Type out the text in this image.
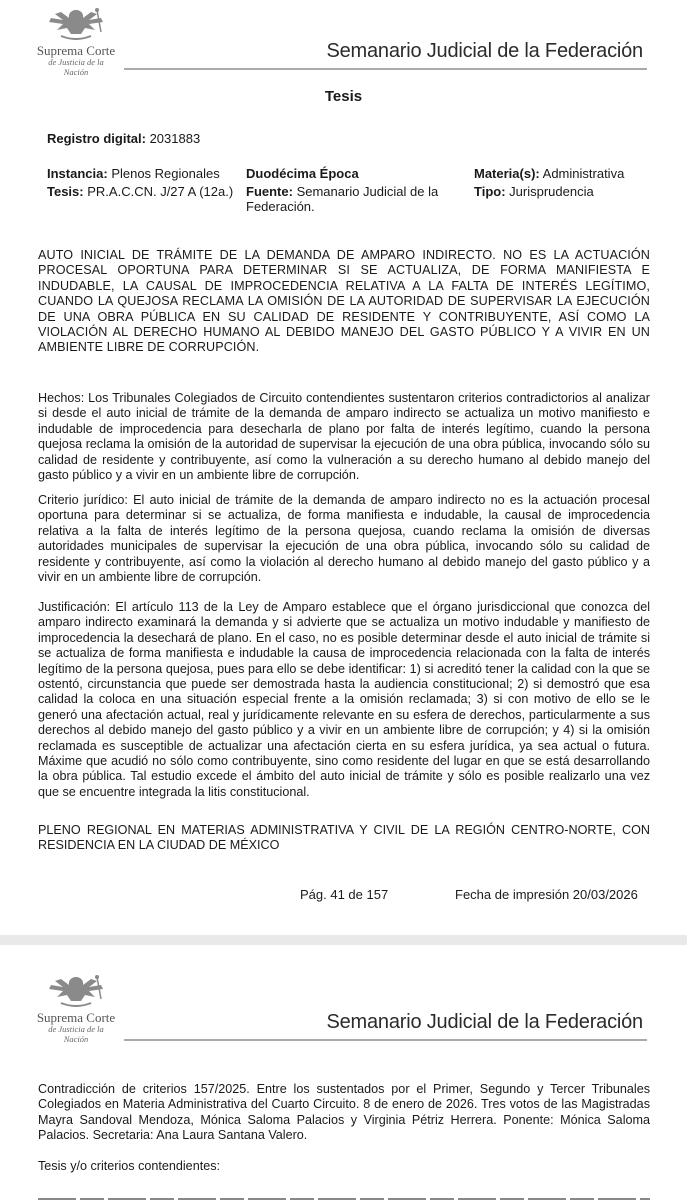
Suprema Corte
de Justicia de la Nación
Semanario Judicial de la Federación
Tesis
Registro digital: 2031883
Instancia: Plenos Regionales
Tesis: PR.A.C.CN. J/27 A (12a.)
Duodécima Época
Fuente: Semanario Judicial de la Federación.
Materia(s): Administrativa
Tipo: Jurisprudencia
AUTO INICIAL DE TRÁMITE DE LA DEMANDA DE AMPARO INDIRECTO. NO ES LA ACTUACIÓN PROCESAL OPORTUNA PARA DETERMINAR SI SE ACTUALIZA, DE FORMA MANIFIESTA E INDUDABLE, LA CAUSAL DE IMPROCEDENCIA RELATIVA A LA FALTA DE INTERÉS LEGÍTIMO, CUANDO LA QUEJOSA RECLAMA LA OMISIÓN DE LA AUTORIDAD DE SUPERVISAR LA EJECUCIÓN DE UNA OBRA PÚBLICA EN SU CALIDAD DE RESIDENTE Y CONTRIBUYENTE, ASÍ COMO LA VIOLACIÓN AL DERECHO HUMANO AL DEBIDO MANEJO DEL GASTO PÚBLICO Y A VIVIR EN UN AMBIENTE LIBRE DE CORRUPCIÓN.
Hechos: Los Tribunales Colegiados de Circuito contendientes sustentaron criterios contradictorios al analizar si desde el auto inicial de trámite de la demanda de amparo indirecto se actualiza un motivo manifiesto e indudable de improcedencia para desecharla de plano por falta de interés legítimo, cuando la persona quejosa reclama la omisión de la autoridad de supervisar la ejecución de una obra pública, invocando sólo su calidad de residente y contribuyente, así como la vulneración a su derecho humano al debido manejo del gasto público y a vivir en un ambiente libre de corrupción.
Criterio jurídico: El auto inicial de trámite de la demanda de amparo indirecto no es la actuación procesal oportuna para determinar si se actualiza, de forma manifiesta e indudable, la causal de improcedencia relativa a la falta de interés legítimo de la persona quejosa, cuando reclama la omisión de diversas autoridades municipales de supervisar la ejecución de una obra pública, invocando sólo su calidad de residente y contribuyente, así como la violación al derecho humano al debido manejo del gasto público y a vivir en un ambiente libre de corrupción.
Justificación: El artículo 113 de la Ley de Amparo establece que el órgano jurisdiccional que conozca del amparo indirecto examinará la demanda y si advierte que se actualiza un motivo indudable y manifiesto de improcedencia la desechará de plano. En el caso, no es posible determinar desde el auto inicial de trámite si se actualiza de forma manifiesta e indudable la causa de improcedencia relacionada con la falta de interés legítimo de la persona quejosa, pues para ello se debe identificar: 1) si acreditó tener la calidad con la que se ostentó, circunstancia que puede ser demostrada hasta la audiencia constitucional; 2) si demostró que esa calidad la coloca en una situación especial frente a la omisión reclamada; 3) si con motivo de ello se le generó una afectación actual, real y jurídicamente relevante en su esfera de derechos, particularmente a sus derechos al debido manejo del gasto público y a vivir en un ambiente libre de corrupción; y 4) si la omisión reclamada es susceptible de actualizar una afectación cierta en su esfera jurídica, ya sea actual o futura. Máxime que acudió no sólo como contribuyente, sino como residente del lugar en que se está desarrollando la obra pública. Tal estudio excede el ámbito del auto inicial de trámite y sólo es posible realizarlo una vez que se encuentre integrada la litis constitucional.
PLENO REGIONAL EN MATERIAS ADMINISTRATIVA Y CIVIL DE LA REGIÓN CENTRO-NORTE, CON RESIDENCIA EN LA CIUDAD DE MÉXICO
Pág. 41 de 157	Fecha de impresión 20/03/2026
Suprema Corte
de Justicia de la Nación
Semanario Judicial de la Federación
Contradicción de criterios 157/2025. Entre los sustentados por el Primer, Segundo y Tercer Tribunales Colegiados en Materia Administrativa del Cuarto Circuito. 8 de enero de 2026. Tres votos de las Magistradas Mayra Sandoval Mendoza, Mónica Saloma Palacios y Virginia Pétriz Herrera. Ponente: Mónica Saloma Palacios. Secretaria: Ana Laura Santana Valero.
Tesis y/o criterios contendientes:
